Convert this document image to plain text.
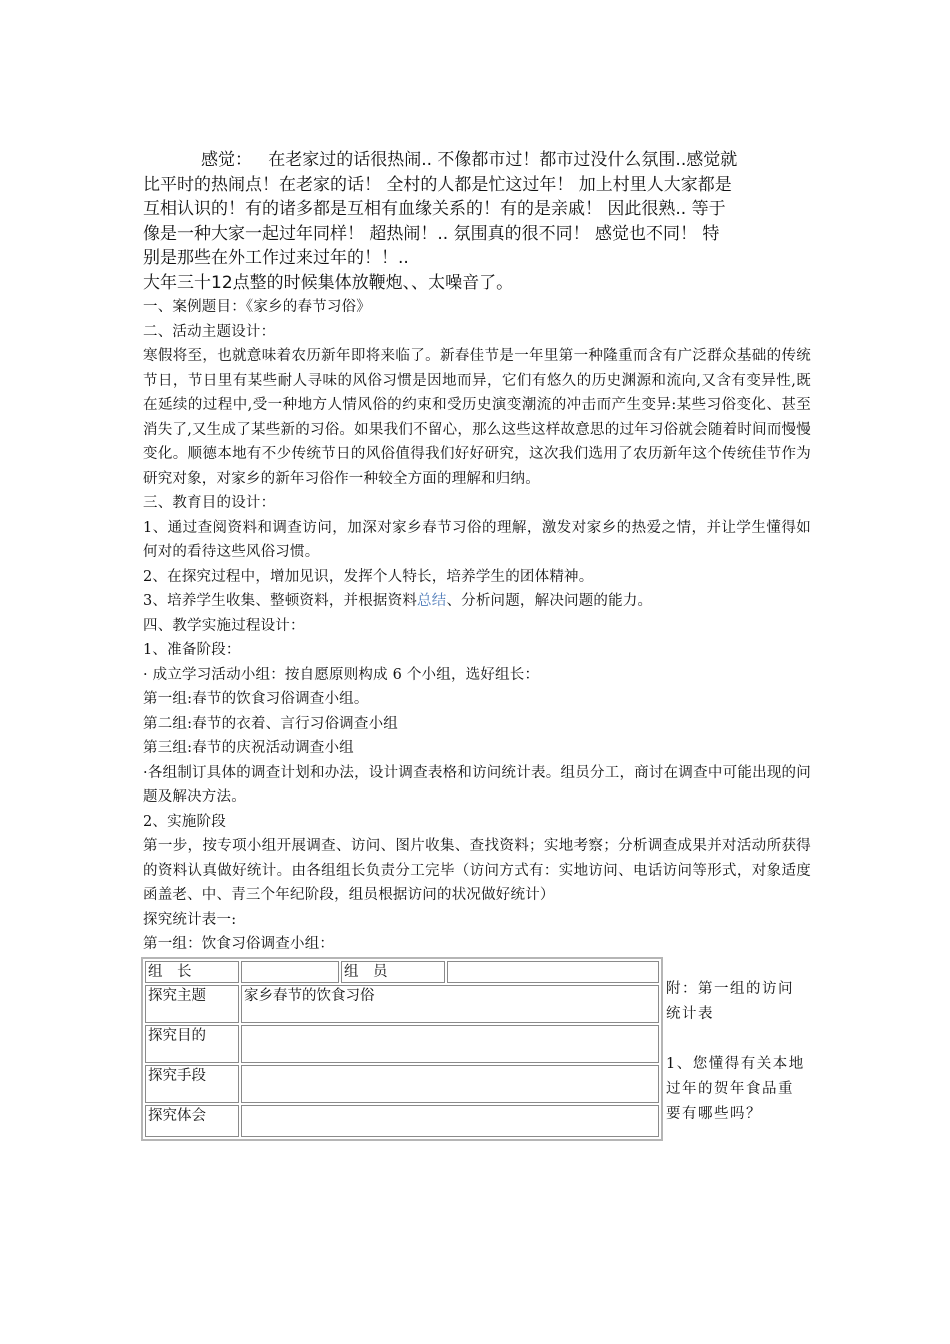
感觉： 在老家过的话很热闹.. 不像都市过！都市过没什么氛围..感觉就
比平时的热闹点！在老家的话！ 全村的人都是忙这过年！ 加上村里人大家都是
互相认识的！有的诸多都是互相有血缘关系的！有的是亲戚！ 因此很熟.. 等于
像是一种大家一起过年同样！ 超热闹！.. 氛围真的很不同！ 感觉也不同！ 特
别是那些在外工作过来过年的！！..
大年三十12点整的时候集体放鞭炮、、太噪音了。

一、案例题目：《家乡的春节习俗》

二、活动主题设计：

寒假将至，也就意味着农历新年即将来临了。新春佳节是一年里第一种隆重而含有广泛群众基础的传统节日，节日里有某些耐人寻味的风俗习惯是因地而异，它们有悠久的历史渊源和流向,又含有变异性,既在延续的过程中,受一种地方人情风俗的约束和受历史演变潮流的冲击而产生变异:某些习俗变化、甚至消失了,又生成了某些新的习俗。如果我们不留心，那么这些这样故意思的过年习俗就会随着时间而慢慢变化。顺德本地有不少传统节日的风俗值得我们好好研究，这次我们选用了农历新年这个传统佳节作为研究对象，对家乡的新年习俗作一种较全方面的理解和归纳。

三、教育目的设计：

1、通过查阅资料和调查访问，加深对家乡春节习俗的理解，激发对家乡的热爱之情，并让学生懂得如何对的看待这些风俗习惯。

2、在探究过程中，增加见识，发挥个人特长，培养学生的团体精神。

3、培养学生收集、整顿资料，并根据资料总结、分析问题，解决问题的能力。

四、教学实施过程设计：

1、准备阶段：

· 成立学习活动小组：按自愿原则构成 6 个小组，选好组长：

第一组:春节的饮食习俗调查小组。

第二组:春节的衣着、言行习俗调查小组

第三组:春节的庆祝活动调查小组

·各组制订具体的调查计划和办法，设计调查表格和访问统计表。组员分工，商讨在调查中可能出现的问题及解决方法。

2、实施阶段

第一步，按专项小组开展调查、访问、图片收集、查找资料；实地考察；分析调查成果并对活动所获得的资料认真做好统计。由各组组长负责分工完毕（访问方式有：实地访问、电话访问等形式，对象适度函盖老、中、青三个年纪阶段，组员根据访问的状况做好统计）

探究统计表一:

第一组：饮食习俗调查小组：

组　长		组　员	
探究主题	家乡春节的饮食习俗		
探究目的			
探究手段			
探究体会			

附：第一组的访问统计表

1、您懂得有关本地过年的贺年食品重要有哪些吗？
